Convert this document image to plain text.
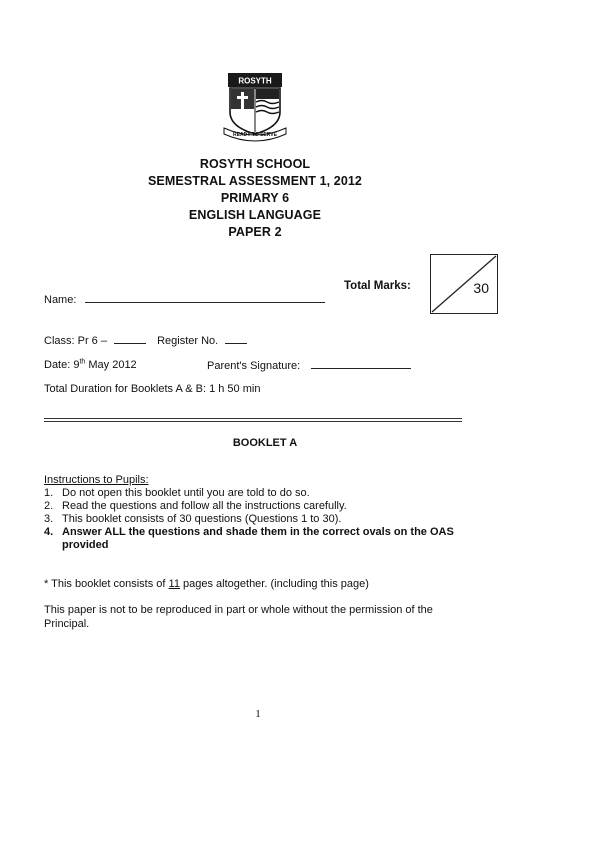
ROSYTH
READY TO SERVE
ROSYTH SCHOOL
SEMESTRAL ASSESSMENT 1, 2012
PRIMARY 6
ENGLISH LANGUAGE
PAPER 2
Total Marks:	30
Name:
Class: Pr 6 –	Register No.
Date: 9th May 2012	Parent's Signature:
Total Duration for Booklets A & B: 1 h 50 min
BOOKLET A
Instructions to Pupils:
1. Do not open this booklet until you are told to do so.
2. Read the questions and follow all the instructions carefully.
3. This booklet consists of 30 questions (Questions 1 to 30).
4. Answer ALL the questions and shade them in the correct ovals on the OAS provided
* This booklet consists of 11 pages altogether. (including this page)
This paper is not to be reproduced in part or whole without the permission of the Principal.
1
